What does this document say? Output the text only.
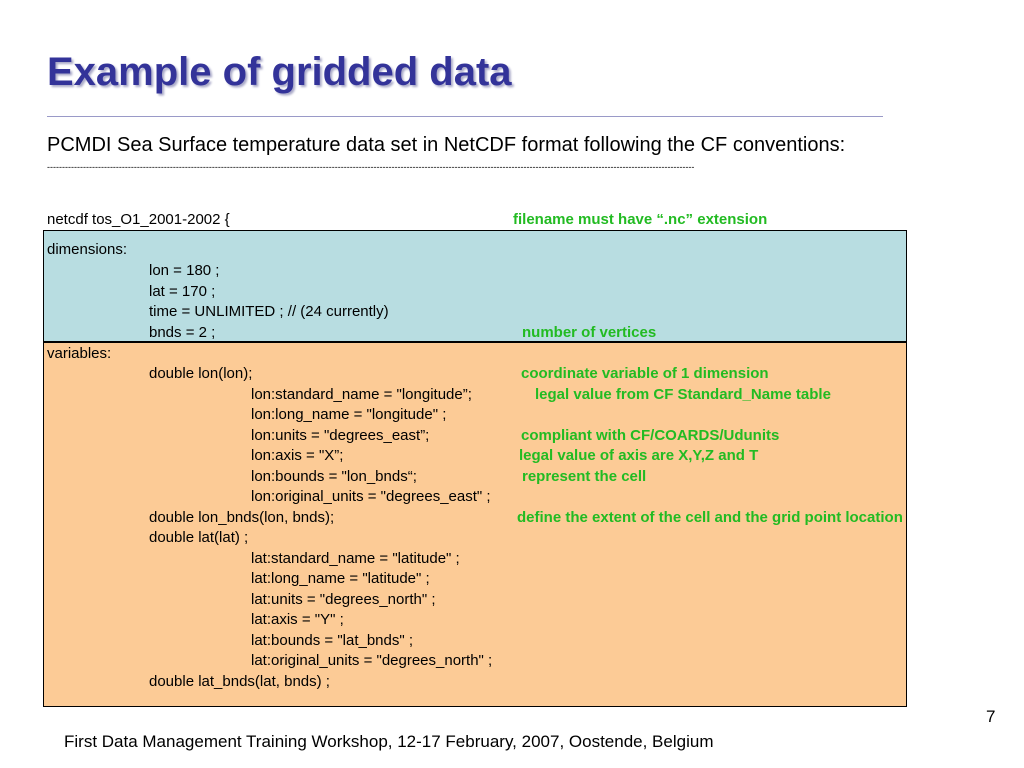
Example of gridded data
PCMDI Sea Surface temperature data set in NetCDF format following the CF conventions:
------------------------------------------------------------------------------------------------------------------------------------------------------------------------------------------------------------------------
netcdf tos_O1_2001-2002 {	filename must have “.nc” extension
dimensions:
lon = 180 ;
lat = 170 ;
time = UNLIMITED ; // (24 currently)
bnds = 2 ;	number of vertices
variables:
double lon(lon);	coordinate variable of 1 dimension
lon:standard_name = "longitude”;	legal value from CF Standard_Name table
lon:long_name = "longitude" ;
lon:units = "degrees_east”;	compliant with CF/COARDS/Udunits
lon:axis = "X”;	legal value of axis are X,Y,Z and T
lon:bounds = "lon_bnds“;	represent the cell
lon:original_units = "degrees_east" ;
double lon_bnds(lon, bnds);	define the extent of the cell and the grid point location
double lat(lat) ;
lat:standard_name = "latitude" ;
lat:long_name = "latitude" ;
lat:units = "degrees_north" ;
lat:axis = "Y" ;
lat:bounds = "lat_bnds" ;
lat:original_units = "degrees_north" ;
double lat_bnds(lat, bnds) ;
7
First Data Management Training Workshop, 12-17 February, 2007, Oostende, Belgium
